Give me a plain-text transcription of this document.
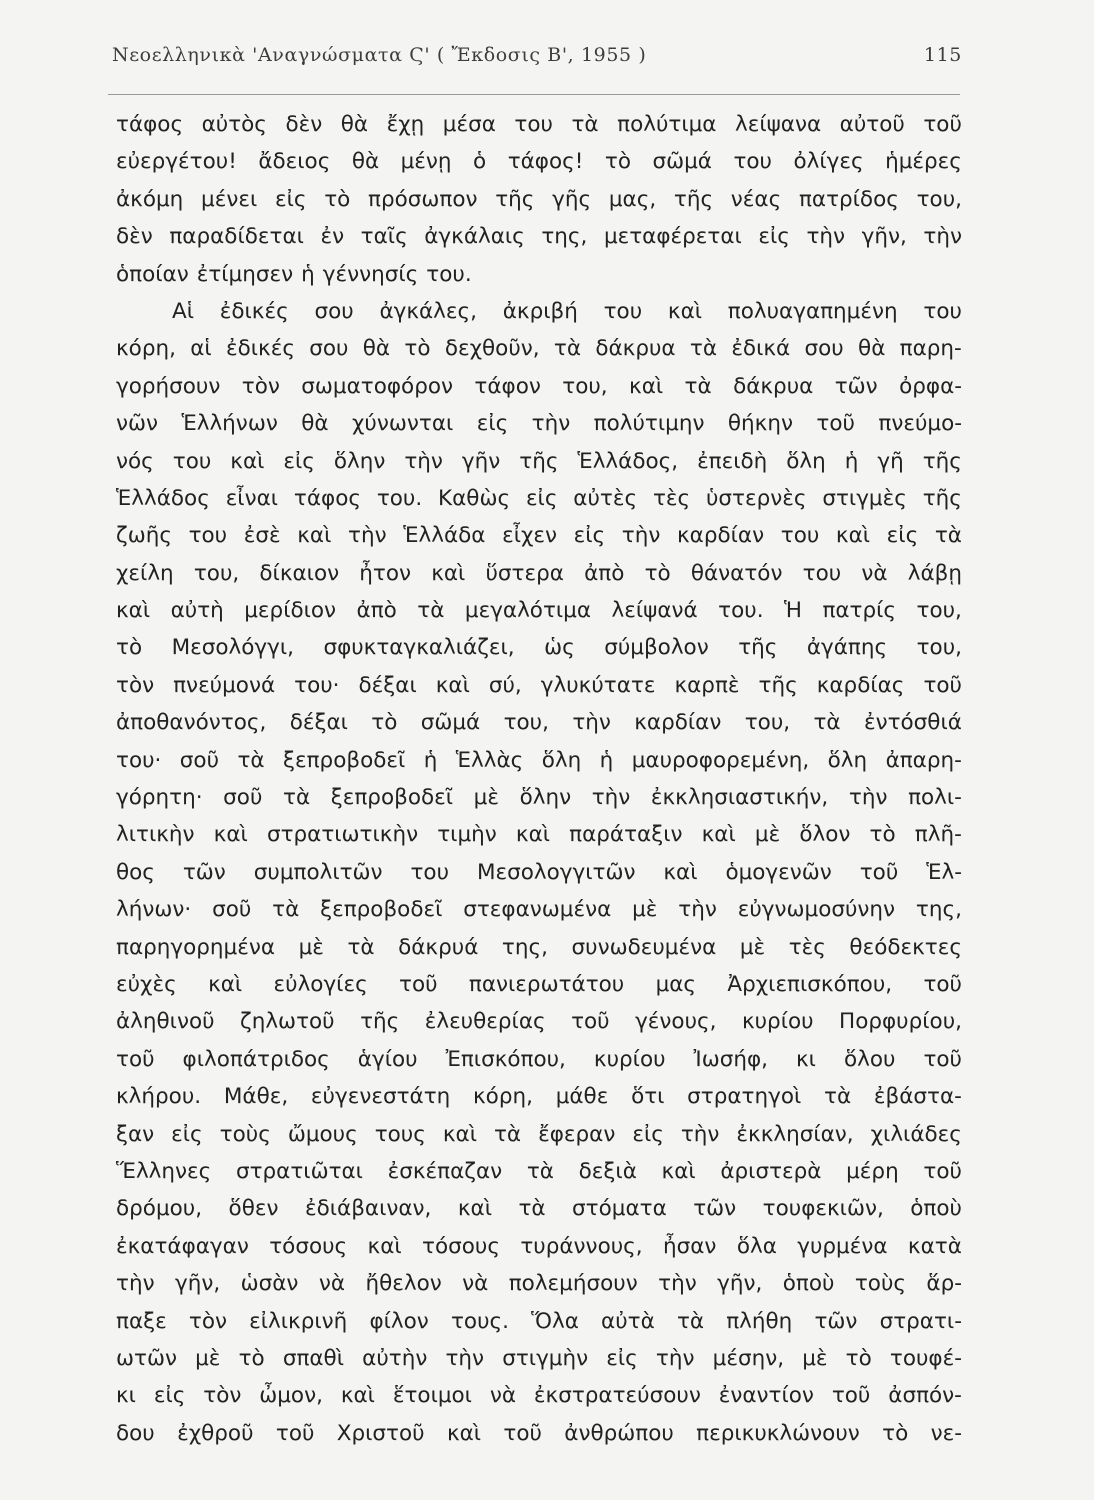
Νεοελληνικὰ 'Αναγνώσματα Ϛ' ( Ἔκδοσις Β', 1955 )	115
τάφος αὐτὸς δὲν θὰ ἔχῃ μέσα του τὰ πολύτιμα λείψανα αὐτοῦ τοῦ
εὐεργέτου! ἄδειος θὰ μένῃ ὁ τάφος! τὸ σῶμά του ὀλίγες ἡμέρες
ἀκόμη μένει εἰς τὸ πρόσωπον τῆς γῆς μας, τῆς νέας πατρίδος του,
δὲν παραδίδεται ἐν ταῖς ἀγκάλαις της, μεταφέρεται εἰς τὴν γῆν, τὴν
ὁποίαν ἐτίμησεν ἡ γέννησίς του.
Αἱ ἐδικές σου ἀγκάλες, ἀκριβή του καὶ πολυαγαπημένη του
κόρη, αἱ ἐδικές σου θὰ τὸ δεχθοῦν, τὰ δάκρυα τὰ ἐδικά σου θὰ παρη-
γορήσουν τὸν σωματοφόρον τάφον του, καὶ τὰ δάκρυα τῶν ὀρφα-
νῶν Ἑλλήνων θὰ χύνωνται εἰς τὴν πολύτιμην θήκην τοῦ πνεύμο-
νός του καὶ εἰς ὅλην τὴν γῆν τῆς Ἑλλάδος, ἐπειδὴ ὅλη ἡ γῆ τῆς
Ἑλλάδος εἶναι τάφος του. Καθὼς εἰς αὐτὲς τὲς ὑστερνὲς στιγμὲς τῆς
ζωῆς του ἐσὲ καὶ τὴν Ἑλλάδα εἶχεν εἰς τὴν καρδίαν του καὶ εἰς τὰ
χείλη του, δίκαιον ἦτον καὶ ὕστερα ἀπὸ τὸ θάνατόν του νὰ λάβῃ
καὶ αὐτὴ μερίδιον ἀπὸ τὰ μεγαλότιμα λείψανά του. Ἡ πατρίς του,
τὸ Μεσολόγγι, σφυκταγκαλιάζει, ὡς σύμβολον τῆς ἀγάπης του,
τὸν πνεύμονά του· δέξαι καὶ σύ, γλυκύτατε καρπὲ τῆς καρδίας τοῦ
ἀποθανόντος, δέξαι τὸ σῶμά του, τὴν καρδίαν του, τὰ ἐντόσθιά
του· σοῦ τὰ ξεπροβοδεῖ ἡ Ἑλλὰς ὅλη ἡ μαυροφορεμένη, ὅλη ἀπαρη-
γόρητη· σοῦ τὰ ξεπροβοδεῖ μὲ ὅλην τὴν ἐκκλησιαστικήν, τὴν πολι-
λιτικὴν καὶ στρατιωτικὴν τιμὴν καὶ παράταξιν καὶ μὲ ὅλον τὸ πλῆ-
θος τῶν συμπολιτῶν του Μεσολογγιτῶν καὶ ὁμογενῶν τοῦ Ἑλ-
λήνων· σοῦ τὰ ξεπροβοδεῖ στεφανωμένα μὲ τὴν εὐγνωμοσύνην της,
παρηγορημένα μὲ τὰ δάκρυά της, συνωδευμένα μὲ τὲς θεόδεκτες
εὐχὲς καὶ εὐλογίες τοῦ πανιερωτάτου μας Ἀρχιεπισκόπου, τοῦ
ἀληθινοῦ ζηλωτοῦ τῆς ἐλευθερίας τοῦ γένους, κυρίου Πορφυρίου,
τοῦ φιλοπάτριδος ἁγίου Ἐπισκόπου, κυρίου Ἰωσήφ, κι ὅλου τοῦ
κλήρου. Μάθε, εὐγενεστάτη κόρη, μάθε ὅτι στρατηγοὶ τὰ ἐβάστα-
ξαν εἰς τοὺς ὤμους τους καὶ τὰ ἔφεραν εἰς τὴν ἐκκλησίαν, χιλιάδες
Ἕλληνες στρατιῶται ἐσκέπαζαν τὰ δεξιὰ καὶ ἀριστερὰ μέρη τοῦ
δρόμου, ὅθεν ἐδιάβαιναν, καὶ τὰ στόματα τῶν τουφεκιῶν, ὁποὺ
ἐκατάφαγαν τόσους καὶ τόσους τυράννους, ἦσαν ὅλα γυρμένα κατὰ
τὴν γῆν, ὡσὰν νὰ ἤθελον νὰ πολεμήσουν τὴν γῆν, ὁποὺ τοὺς ἅρ-
παξε τὸν εἰλικρινῆ φίλον τους. Ὅλα αὐτὰ τὰ πλήθη τῶν στρατι-
ωτῶν μὲ τὸ σπαθὶ αὐτὴν τὴν στιγμὴν εἰς τὴν μέσην, μὲ τὸ τουφέ-
κι εἰς τὸν ὦμον, καὶ ἕτοιμοι νὰ ἐκστρατεύσουν ἐναντίον τοῦ ἀσπόν-
δου ἐχθροῦ τοῦ Χριστοῦ καὶ τοῦ ἀνθρώπου περικυκλώνουν τὸ νε-
